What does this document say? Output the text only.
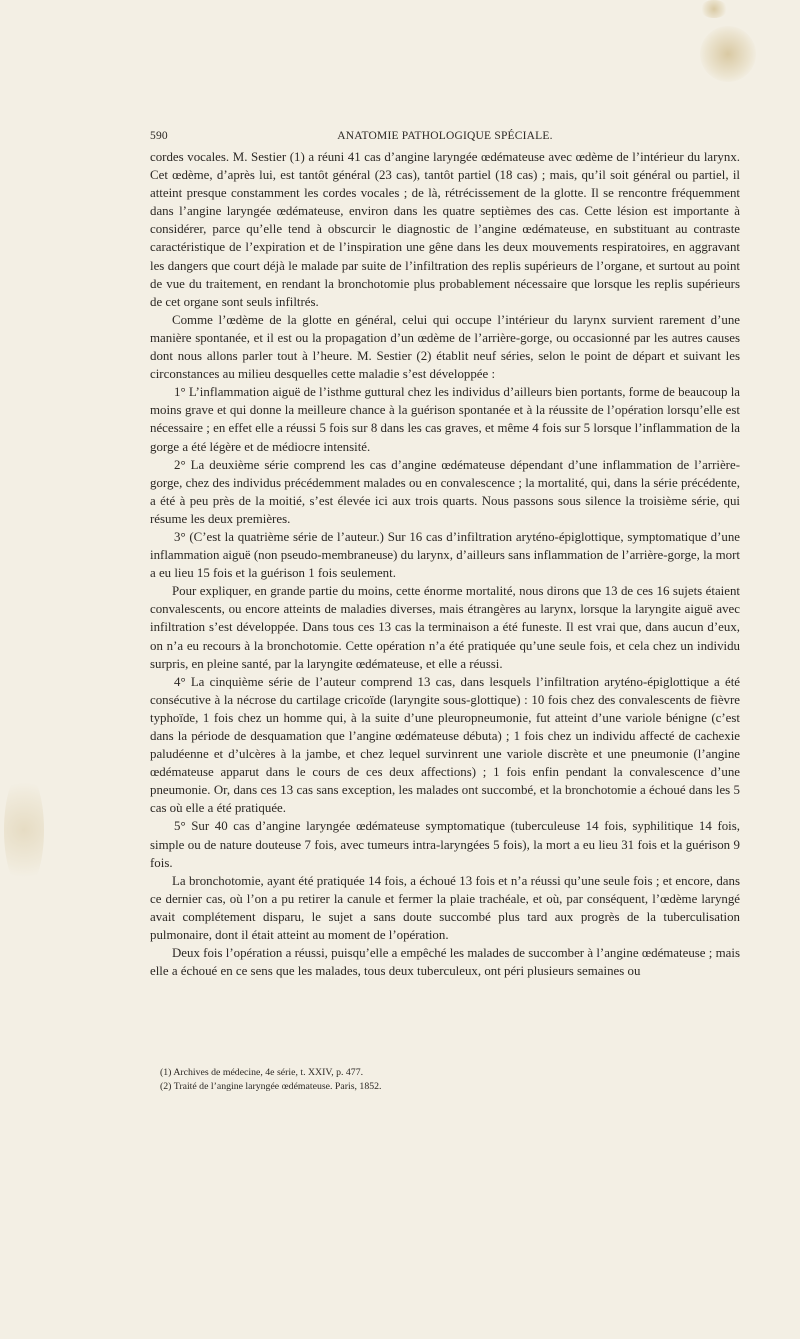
590	ANATOMIE PATHOLOGIQUE SPÉCIALE.

cordes vocales. M. Sestier (1) a réuni 41 cas d’angine laryngée œdémateuse avec œdème de l’intérieur du larynx. Cet œdème, d’après lui, est tantôt général (23 cas), tantôt partiel (18 cas) ; mais, qu’il soit général ou partiel, il atteint presque constamment les cordes vocales ; de là, rétrécissement de la glotte. Il se rencontre fréquemment dans l’angine laryngée œdémateuse, environ dans les quatre septièmes des cas. Cette lésion est importante à considérer, parce qu’elle tend à obscurcir le diagnostic de l’angine œdémateuse, en substituant au contraste caractéristique de l’expiration et de l’inspiration une gêne dans les deux mouvements respiratoires, en aggravant les dangers que court déjà le malade par suite de l’infiltration des replis supérieurs de l’organe, et surtout au point de vue du traitement, en rendant la bronchotomie plus probablement nécessaire que lorsque les replis supérieurs de cet organe sont seuls infiltrés.

Comme l’œdème de la glotte en général, celui qui occupe l’intérieur du larynx survient rarement d’une manière spontanée, et il est ou la propagation d’un œdème de l’arrière-gorge, ou occasionné par les autres causes dont nous allons parler tout à l’heure. M. Sestier (2) établit neuf séries, selon le point de départ et suivant les circonstances au milieu desquelles cette maladie s’est développée :

1° L’inflammation aiguë de l’isthme guttural chez les individus d’ailleurs bien portants, forme de beaucoup la moins grave et qui donne la meilleure chance à la guérison spontanée et à la réussite de l’opération lorsqu’elle est nécessaire ; en effet elle a réussi 5 fois sur 8 dans les cas graves, et même 4 fois sur 5 lorsque l’inflammation de la gorge a été légère et de médiocre intensité.

2° La deuxième série comprend les cas d’angine œdémateuse dépendant d’une inflammation de l’arrière-gorge, chez des individus précédemment malades ou en convalescence ; la mortalité, qui, dans la série précédente, a été à peu près de la moitié, s’est élevée ici aux trois quarts. Nous passons sous silence la troisième série, qui résume les deux premières.

3° (C’est la quatrième série de l’auteur.) Sur 16 cas d’infiltration aryténo-épiglottique, symptomatique d’une inflammation aiguë (non pseudo-membraneuse) du larynx, d’ailleurs sans inflammation de l’arrière-gorge, la mort a eu lieu 15 fois et la guérison 1 fois seulement.

Pour expliquer, en grande partie du moins, cette énorme mortalité, nous dirons que 13 de ces 16 sujets étaient convalescents, ou encore atteints de maladies diverses, mais étrangères au larynx, lorsque la laryngite aiguë avec infiltration s’est développée. Dans tous ces 13 cas la terminaison a été funeste. Il est vrai que, dans aucun d’eux, on n’a eu recours à la bronchotomie. Cette opération n’a été pratiquée qu’une seule fois, et cela chez un individu surpris, en pleine santé, par la laryngite œdémateuse, et elle a réussi.

4° La cinquième série de l’auteur comprend 13 cas, dans lesquels l’infiltration aryténo-épiglottique a été consécutive à la nécrose du cartilage cricoïde (laryngite sous-glottique) : 10 fois chez des convalescents de fièvre typhoïde, 1 fois chez un homme qui, à la suite d’une pleuropneumonie, fut atteint d’une variole bénigne (c’est dans la période de desquamation que l’angine œdémateuse débuta) ; 1 fois chez un individu affecté de cachexie paludéenne et d’ulcères à la jambe, et chez lequel survinrent une variole discrète et une pneumonie (l’angine œdémateuse apparut dans le cours de ces deux affections) ; 1 fois enfin pendant la convalescence d’une pneumonie. Or, dans ces 13 cas sans exception, les malades ont succombé, et la bronchotomie a échoué dans les 5 cas où elle a été pratiquée.

5° Sur 40 cas d’angine laryngée œdémateuse symptomatique (tuberculeuse 14 fois, syphilitique 14 fois, simple ou de nature douteuse 7 fois, avec tumeurs intra-laryngées 5 fois), la mort a eu lieu 31 fois et la guérison 9 fois.

La bronchotomie, ayant été pratiquée 14 fois, a échoué 13 fois et n’a réussi qu’une seule fois ; et encore, dans ce dernier cas, où l’on a pu retirer la canule et fermer la plaie trachéale, et où, par conséquent, l’œdème laryngé avait complétement disparu, le sujet a sans doute succombé plus tard aux progrès de la tuberculisation pulmonaire, dont il était atteint au moment de l’opération.

Deux fois l’opération a réussi, puisqu’elle a empêché les malades de succomber à l’angine œdémateuse ; mais elle a échoué en ce sens que les malades, tous deux tuberculeux, ont péri plusieurs semaines ou

(1) Archives de médecine, 4e série, t. XXIV, p. 477.
(2) Traité de l’angine laryngée œdémateuse. Paris, 1852.
